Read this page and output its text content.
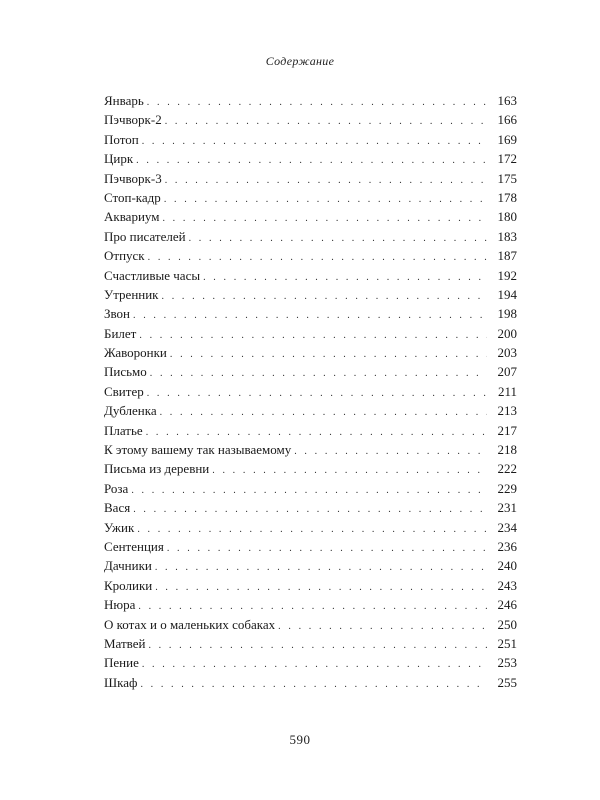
Содержание
Январь . . .	163
Пэчворк-2 . . .	166
Потоп . . .	169
Цирк . . .	172
Пэчворк-3 . . .	175
Стоп-кадр . . .	178
Аквариум . . .	180
Про писателей . . .	183
Отпуск . . .	187
Счастливые часы . . .	192
Утренник . . .	194
Звон . . .	198
Билет . . .	200
Жаворонки . . .	203
Письмо . . .	207
Свитер . . .	211
Дубленка . . .	213
Платье . . .	217
К этому вашему так называемому . . .	218
Письма из деревни . . .	222
Роза . . .	229
Вася . . .	231
Ужик . . .	234
Сентенция . . .	236
Дачники . . .	240
Кролики . . .	243
Нюра . . .	246
О котах и о маленьких собаках . . .	250
Матвей . . .	251
Пение . . .	253
Шкаф . . .	255
590
